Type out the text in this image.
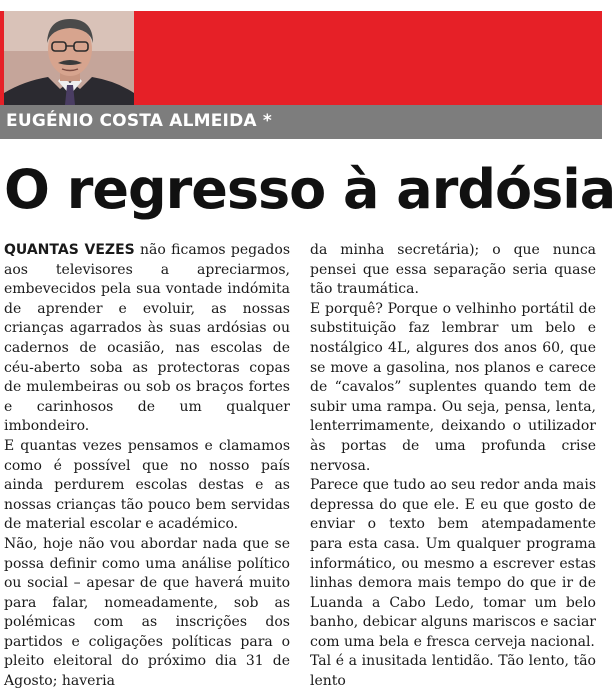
EUGÉNIO COSTA ALMEIDA *
O regresso à ardósia

QUANTAS VEZES não ficamos pegados aos televisores a apreciarmos, embevecidos pela sua vontade indómita de aprender e evoluir, as nossas crianças agarrados às suas ardósias ou cadernos de ocasião, nas escolas de céu-aberto soba as protectoras copas de mulembeiras ou sob os braços fortes e carinhosos de um qualquer imbondeiro.

E quantas vezes pensamos e clamamos como é possível que no nosso país ainda perdurem escolas destas e as nossas crianças tão pouco bem servidas de material escolar e académico.

Não, hoje não vou abordar nada que se possa definir como uma análise político ou social – apesar de que haverá muito para falar, nomeadamente, sob as polémicas com as inscrições dos partidos e coligações políticas para o pleito eleitoral do próximo dia 31 de Agosto; haveria

da minha secretária); o que nunca pensei que essa separação seria quase tão traumática.

E porquê? Porque o velhinho portátil de substituição faz lembrar um belo e nostálgico 4L, algures dos anos 60, que se move a gasolina, nos planos e carece de “cavalos” suplentes quando tem de subir uma rampa. Ou seja, pensa, lenta, lenterrimamente, deixando o utilizador às portas de uma profunda crise nervosa.

Parece que tudo ao seu redor anda mais depressa do que ele. E eu que gosto de enviar o texto bem atempadamente para esta casa. Um qualquer programa informático, ou mesmo a escrever estas linhas demora mais tempo do que ir de Luanda a Cabo Ledo, tomar um belo banho, debicar alguns mariscos e saciar com uma bela e fresca cerveja nacional.

Tal é a inusitada lentidão. Tão lento, tão lento
